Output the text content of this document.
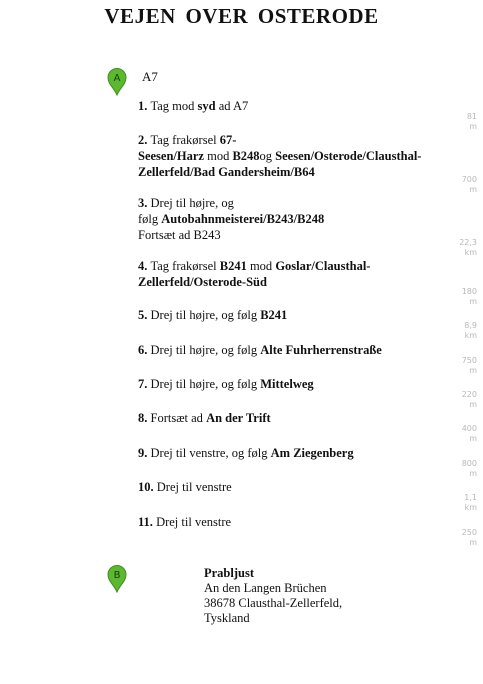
VEJEN OVER OSTERODE
A A7
1. Tag mod syd ad A7
2. Tag frakørsel 67-
Seesen/Harz mod B248og Seesen/Osterode/Clausthal-
Zellerfeld/Bad Gandersheim/B64
3. Drej til højre, og
følg Autobahnmeisterei/B243/B248
Fortsæt ad B243
4. Tag frakørsel B241 mod Goslar/Clausthal-
Zellerfeld/Osterode-Süd
5. Drej til højre, og følg B241
6. Drej til højre, og følg Alte Fuhrherrenstraße
7. Drej til højre, og følg Mittelweg
8. Fortsæt ad An der Trift
9. Drej til venstre, og følg Am Ziegenberg
10. Drej til venstre
11. Drej til venstre
81
m
700
m
22,3
km
180
m
8,9
km
750
m
220
m
400
m
800
m
1,1
km
250
m
B	Prabljust
An den Langen Brüchen
38678 Clausthal-Zellerfeld,
Tyskland
